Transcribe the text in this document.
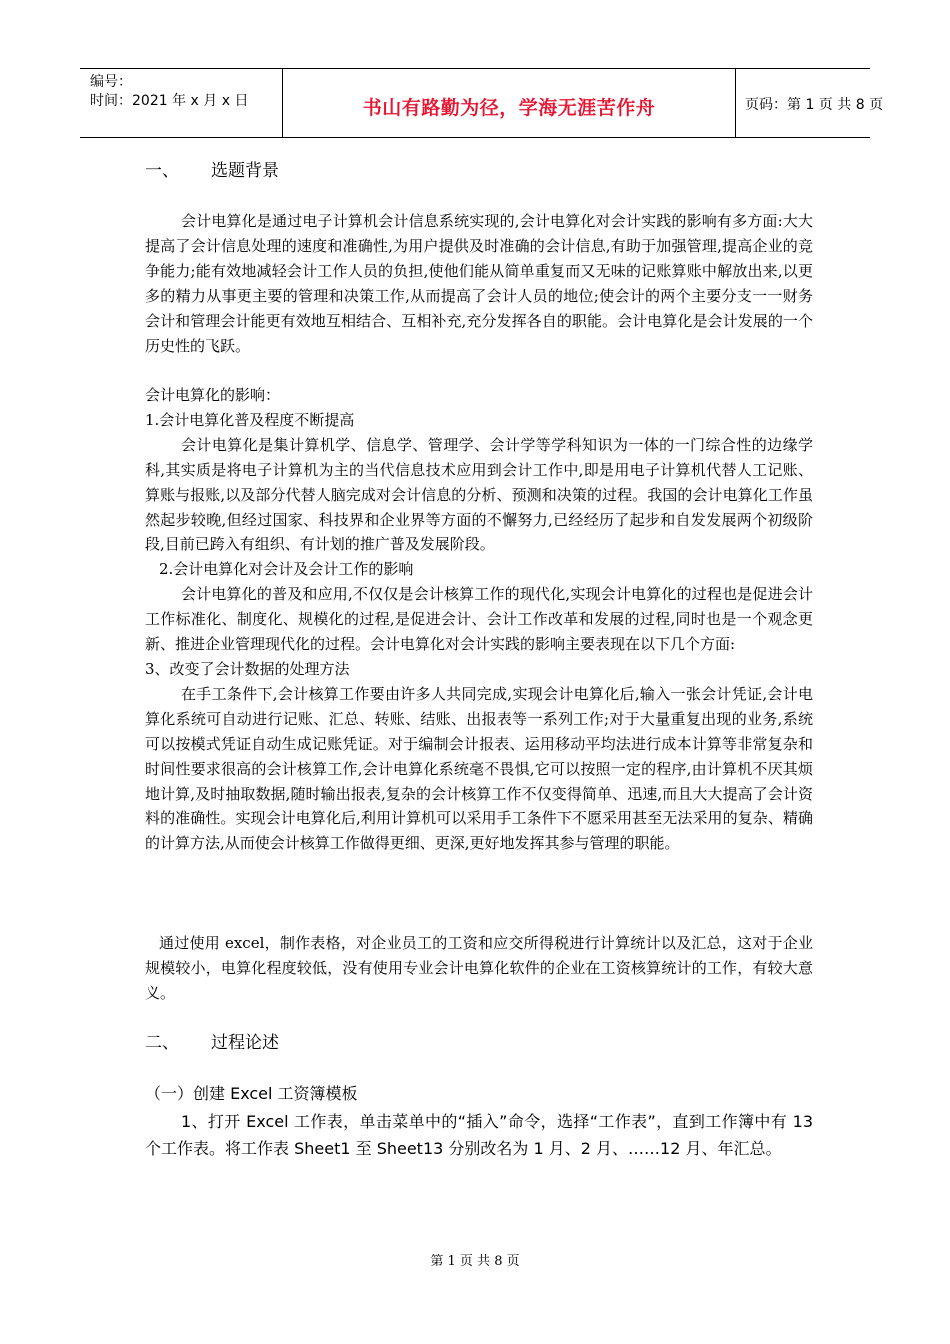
编号：
时间：2021 年 x 月 x 日	书山有路勤为径，学海无涯苦作舟	页码：第 1 页 共 8 页
一、 选题背景

会计电算化是通过电子计算机会计信息系统实现的,会计电算化对会计实践的影响有多方面:大大提高了会计信息处理的速度和准确性,为用户提供及时准确的会计信息,有助于加强管理,提高企业的竞争能力;能有效地减轻会计工作人员的负担,使他们能从简单重复而又无味的记账算账中解放出来,以更多的精力从事更主要的管理和决策工作,从而提高了会计人员的地位;使会计的两个主要分支一一财务会计和管理会计能更有效地互相结合、互相补充,充分发挥各自的职能。会计电算化是会计发展的一个历史性的飞跃。

会计电算化的影响：

1.会计电算化普及程度不断提高

会计电算化是集计算机学、信息学、管理学、会计学等学科知识为一体的一门综合性的边缘学科,其实质是将电子计算机为主的当代信息技术应用到会计工作中,即是用电子计算机代替人工记账、算账与报账,以及部分代替人脑完成对会计信息的分析、预测和决策的过程。我国的会计电算化工作虽然起步较晚,但经过国家、科技界和企业界等方面的不懈努力,已经经历了起步和自发发展两个初级阶段,目前已跨入有组织、有计划的推广普及发展阶段。

2.会计电算化对会计及会计工作的影响

会计电算化的普及和应用,不仅仅是会计核算工作的现代化,实现会计电算化的过程也是促进会计工作标准化、制度化、规模化的过程,是促进会计、会计工作改革和发展的过程,同时也是一个观念更新、推进企业管理现代化的过程。会计电算化对会计实践的影响主要表现在以下几个方面:

3、改变了会计数据的处理方法

在手工条件下,会计核算工作要由许多人共同完成,实现会计电算化后,输入一张会计凭证,会计电算化系统可自动进行记账、汇总、转账、结账、出报表等一系列工作;对于大量重复出现的业务,系统可以按模式凭证自动生成记账凭证。对于编制会计报表、运用移动平均法进行成本计算等非常复杂和时间性要求很高的会计核算工作,会计电算化系统毫不畏惧,它可以按照一定的程序,由计算机不厌其烦地计算,及时抽取数据,随时输出报表,复杂的会计核算工作不仅变得简单、迅速,而且大大提高了会计资料的准确性。实现会计电算化后,利用计算机可以采用手工条件下不愿采用甚至无法采用的复杂、精确的计算方法,从而使会计核算工作做得更细、更深,更好地发挥其参与管理的职能。

通过使用 excel，制作表格，对企业员工的工资和应交所得税进行计算统计以及汇总，这对于企业规模较小，电算化程度较低，没有使用专业会计电算化软件的企业在工资核算统计的工作，有较大意义。

二、 过程论述

（一）创建 Excel 工资簿模板

1、打开 Excel 工作表，单击菜单中的“插入”命令，选择“工作表”，直到工作簿中有 13 个工作表。将工作表 Sheet1 至 Sheet13 分别改名为 1 月、2 月、……12 月、年汇总。

第 1 页 共 8 页
